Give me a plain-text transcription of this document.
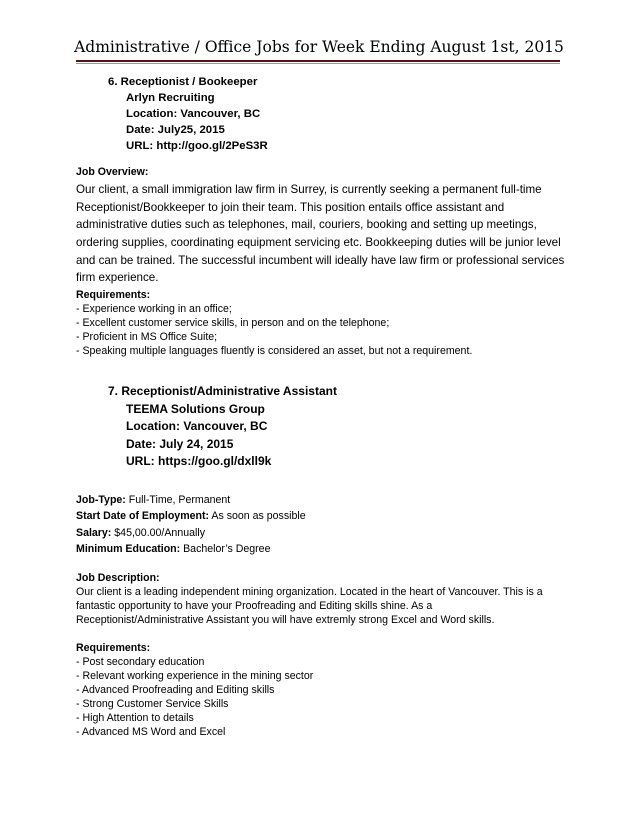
Administrative / Office Jobs for Week Ending August 1st, 2015
6. Receptionist / Bookeeper
Arlyn Recruiting
Location: Vancouver, BC
Date: July25, 2015
URL: http://goo.gl/2PeS3R
Job Overview:
Our client, a small immigration law firm in Surrey, is currently seeking a permanent full-time
Receptionist/Bookkeeper to join their team. This position entails office assistant and
administrative duties such as telephones, mail, couriers, booking and setting up meetings,
ordering supplies, coordinating equipment servicing etc. Bookkeeping duties will be junior level
and can be trained. The successful incumbent will ideally have law firm or professional services
firm experience.
Requirements:
- Experience working in an office;
- Excellent customer service skills, in person and on the telephone;
- Proficient in MS Office Suite;
- Speaking multiple languages fluently is considered an asset, but not a requirement.
7. Receptionist/Administrative Assistant
TEEMA Solutions Group
Location: Vancouver, BC
Date: July 24, 2015
URL: https://goo.gl/dxll9k
Job-Type: Full-Time, Permanent
Start Date of Employment: As soon as possible
Salary: $45,00.00/Annually
Minimum Education: Bachelor’s Degree
Job Description:
Our client is a leading independent mining organization. Located in the heart of Vancouver. This is a
fantastic opportunity to have your Proofreading and Editing skills shine. As a
Receptionist/Administrative Assistant you will have extremly strong Excel and Word skills.
Requirements:
- Post secondary education
- Relevant working experience in the mining sector
- Advanced Proofreading and Editing skills
- Strong Customer Service Skills
- High Attention to details
- Advanced MS Word and Excel
